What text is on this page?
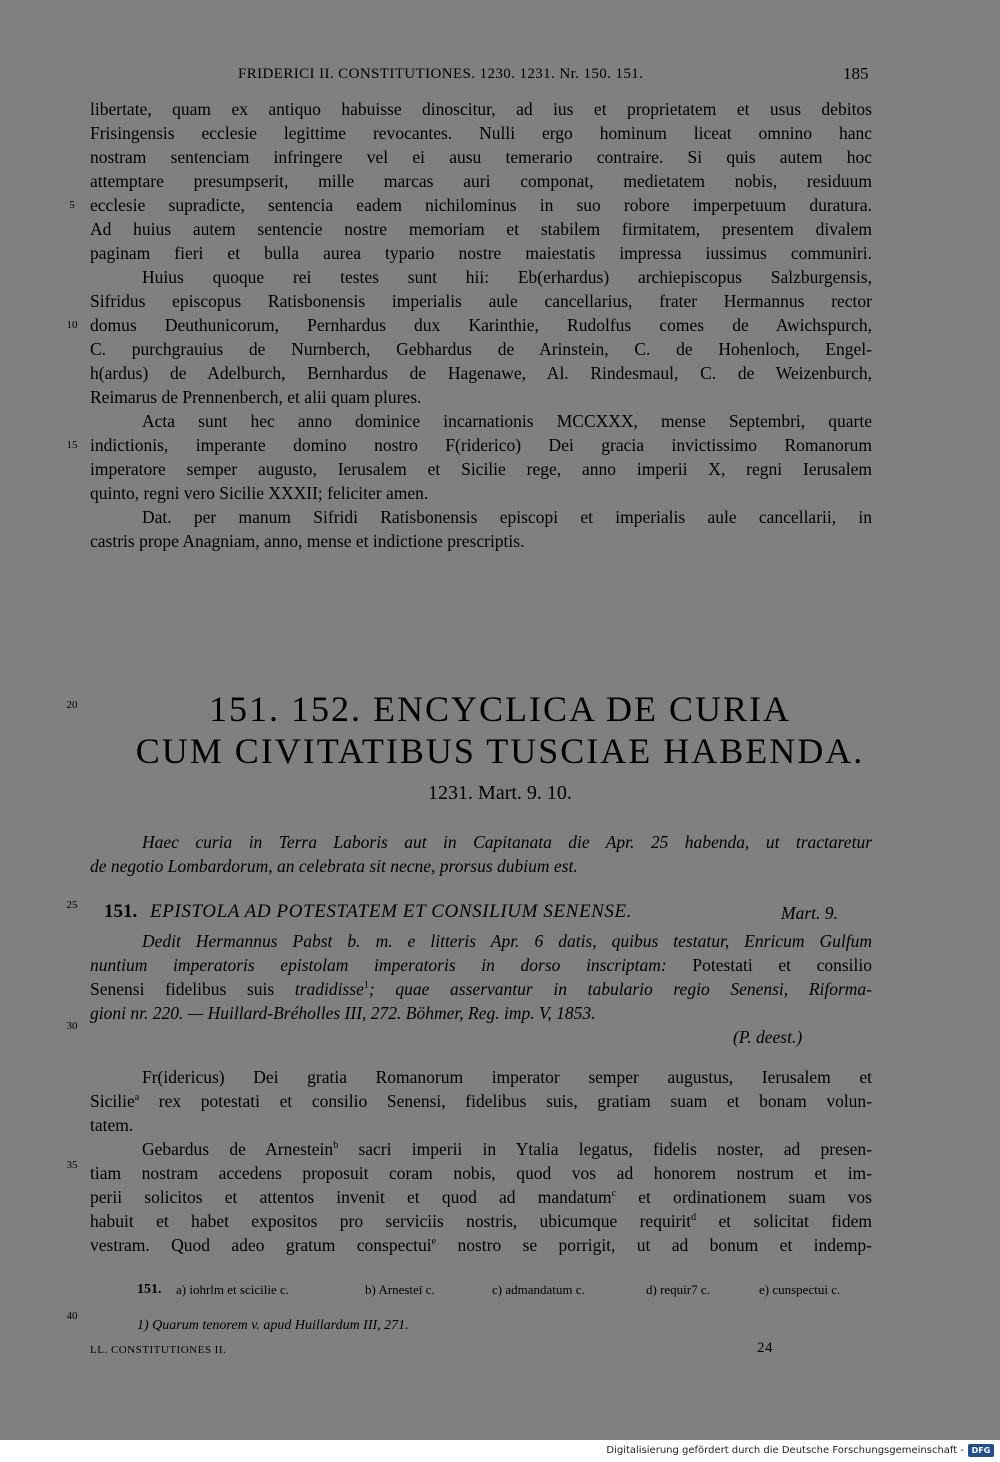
FRIDERICI II. CONSTITUTIONES. 1230. 1231. Nr. 150. 151.	185
libertate, quam ex antiquo habuisse dinoscitur, ad ius et proprietatem et usus debitos
Frisingensis ecclesie legittime revocantes. Nulli ergo hominum liceat omnino hanc
nostram sentenciam infringere vel ei ausu temerario contraire. Si quis autem hoc
attemptare presumpserit, mille marcas auri componat, medietatem nobis, residuum
ecclesie supradicte, sentencia eadem nichilominus in suo robore imperpetuum duratura.
Ad huius autem sentencie nostre memoriam et stabilem firmitatem, presentem divalem
paginam fieri et bulla aurea typario nostre maiestatis impressa iussimus communiri.
Huius quoque rei testes sunt hii: Eb(erhardus) archiepiscopus Salzburgensis,
Sifridus episcopus Ratisbonensis imperialis aule cancellarius, frater Hermannus rector
domus Deuthunicorum, Pernhardus dux Karinthie, Rudolfus comes de Awichspurch,
C. purchgrauius de Nurnberch, Gebhardus de Arinstein, C. de Hohenloch, Engel-
h(ardus) de Adelburch, Bernhardus de Hagenawe, Al. Rindesmaul, C. de Weizenburch,
Reimarus de Prennenberch, et alii quam plures.
Acta sunt hec anno dominice incarnationis MCCXXX, mense Septembri, quarte
indictionis, imperante domino nostro F(riderico) Dei gracia invictissimo Romanorum
imperatore semper augusto, Ierusalem et Sicilie rege, anno imperii X, regni Ierusalem
quinto, regni vero Sicilie XXXII; feliciter amen.
Dat. per manum Sifridi Ratisbonensis episcopi et imperialis aule cancellarii, in
castris prope Anagniam, anno, mense et indictione prescriptis.
5
10
15
20
25
30
35
40
151. 152. ENCYCLICA DE CURIA
CUM CIVITATIBUS TUSCIAE HABENDA.
1231. Mart. 9. 10.
Haec curia in Terra Laboris aut in Capitanata die Apr. 25 habenda, ut tractaretur
de negotio Lombardorum, an celebrata sit necne, prorsus dubium est.
151. EPISTOLA AD POTESTATEM ET CONSILIUM SENENSE.	Mart. 9.
Dedit Hermannus Pabst b. m. e litteris Apr. 6 datis, quibus testatur, Enricum Gulfum
nuntium imperatoris epistolam imperatoris in dorso inscriptam: Potestati et consilio
Senensi fidelibus suis tradidisse$^1$; quae asservantur in tabulario regio Senensi, Riforma-
gioni nr. 220. — Huillard-Bréholles III, 272. Böhmer, Reg. imp. V, 1853.
(P. deest.)
Fr(idericus) Dei gratia Romanorum imperator semper augustus, Ierusalem et
Sicilie$^a$ rex potestati et consilio Senensi, fidelibus suis, gratiam suam et bonam volun-
tatem.
Gebardus de Arnestein$^b$ sacri imperii in Ytalia legatus, fidelis noster, ad presen-
tiam nostram accedens proposuit coram nobis, quod vos ad honorem nostrum et im-
perii solicitos et attentos invenit et quod ad mandatum$^c$ et ordinationem suam vos
habuit et habet expositos pro serviciis nostris, ubicumque requirit$^d$ et solicitat fidem
vestram. Quod adeo gratum conspectui$^e$ nostro se porrigit, ut ad bonum et indemp-
151. a) iohrlm et scicilie c.	b) Arnesteī c.	c) admandatum c.	d) requir7 c.	e) cunspectui c.
1) Quarum tenorem v. apud Huillardum III, 271.
LL. CONSTITUTIONES II.	24
Digitalisierung gefördert durch die Deutsche Forschungsgemeinschaft - DFG
